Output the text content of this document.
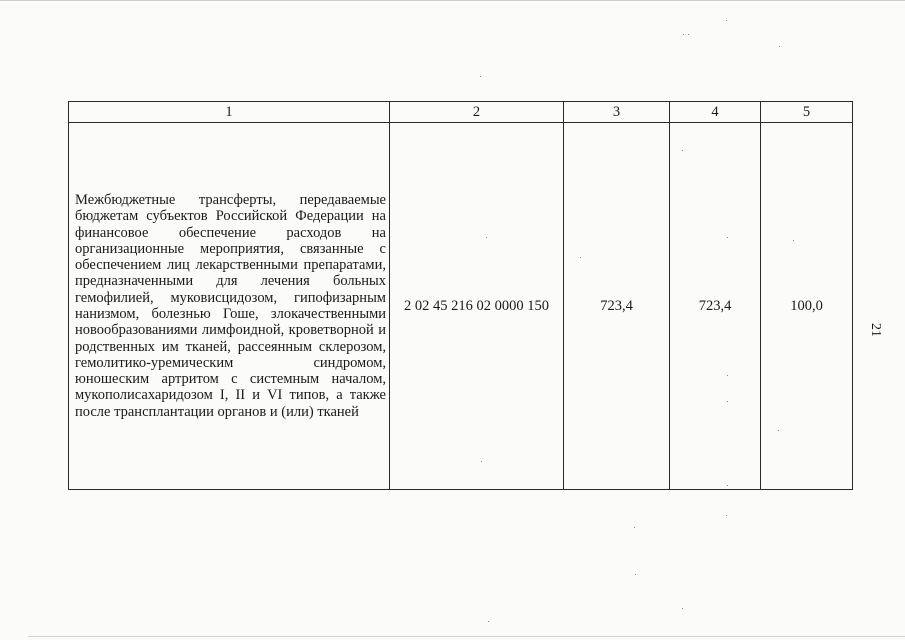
1	2	3	4	5
Межбюджетные трансферты, передаваемые бюджетам субъектов Российской Федерации на финансовое обеспечение расходов на организационные мероприятия, связанные с обеспечением лиц лекарственными препаратами, предназначенными для лечения больных гемофилией, муковисцидозом, гипофизарным нанизмом, болезнью Гоше, злокачественными новообразованиями лимфоидной, кроветворной и родственных им тканей, рассеянным склерозом, гемолитико-уремическим синдромом, юношеским артритом с системным началом, мукополисахаридозом I, II и VI типов, а также после трансплантации органов и (или) тканей	2 02 45 216 02 0000 150	723,4	723,4	100,0
21
